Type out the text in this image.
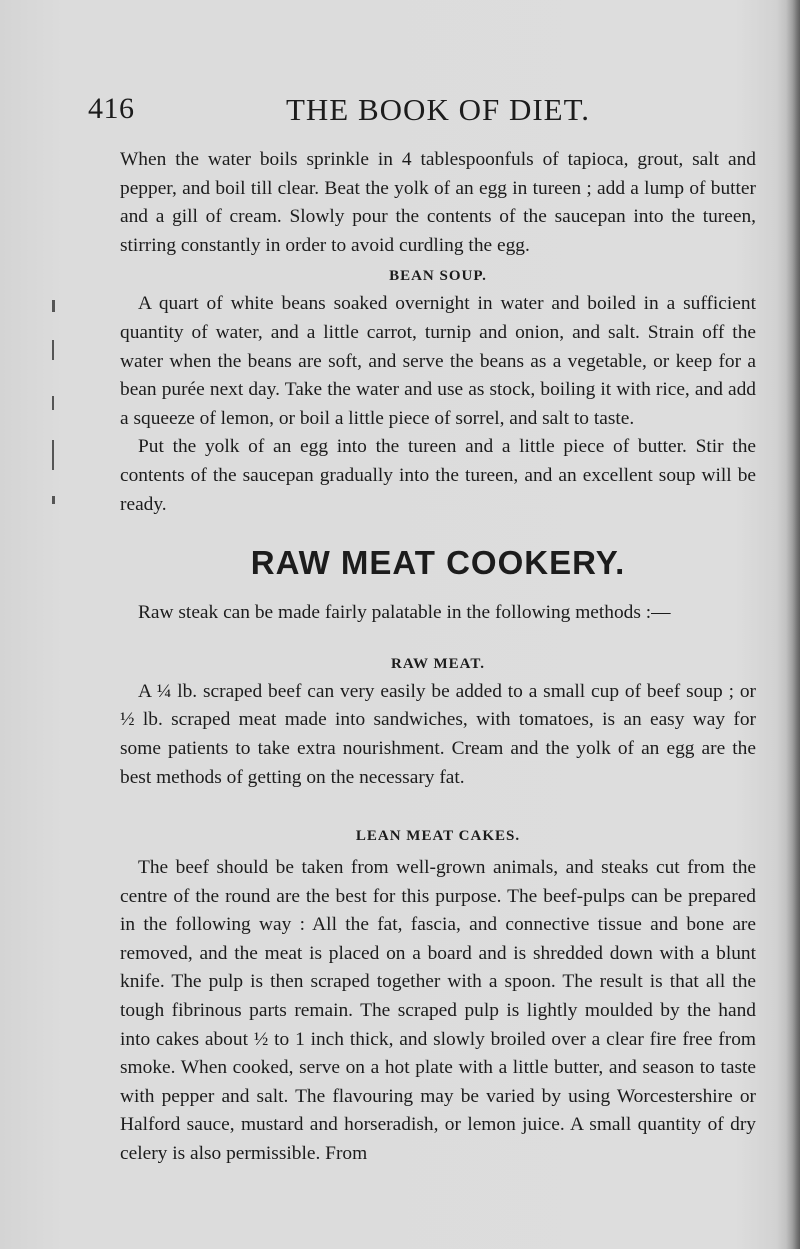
416	THE BOOK OF DIET.

When the water boils sprinkle in 4 tablespoonfuls of tapioca, grout, salt and pepper, and boil till clear. Beat the yolk of an egg in tureen ; add a lump of butter and a gill of cream. Slowly pour the contents of the saucepan into the tureen, stirring constantly in order to avoid curdling the egg.

BEAN SOUP.

A quart of white beans soaked overnight in water and boiled in a sufficient quantity of water, and a little carrot, turnip and onion, and salt. Strain off the water when the beans are soft, and serve the beans as a vegetable, or keep for a bean purée next day. Take the water and use as stock, boiling it with rice, and add a squeeze of lemon, or boil a little piece of sorrel, and salt to taste.

Put the yolk of an egg into the tureen and a little piece of butter. Stir the contents of the saucepan gradually into the tureen, and an excellent soup will be ready.

RAW MEAT COOKERY.

Raw steak can be made fairly palatable in the following methods :—

RAW MEAT.

A ¼ lb. scraped beef can very easily be added to a small cup of beef soup ; or ½ lb. scraped meat made into sandwiches, with tomatoes, is an easy way for some patients to take extra nourishment. Cream and the yolk of an egg are the best methods of getting on the necessary fat.

LEAN MEAT CAKES.

The beef should be taken from well-grown animals, and steaks cut from the centre of the round are the best for this purpose. The beef-pulps can be prepared in the following way : All the fat, fascia, and connective tissue and bone are removed, and the meat is placed on a board and is shredded down with a blunt knife. The pulp is then scraped together with a spoon. The result is that all the tough fibrinous parts remain. The scraped pulp is lightly moulded by the hand into cakes about ½ to 1 inch thick, and slowly broiled over a clear fire free from smoke. When cooked, serve on a hot plate with a little butter, and season to taste with pepper and salt. The flavouring may be varied by using Worcestershire or Halford sauce, mustard and horseradish, or lemon juice. A small quantity of dry celery is also permissible. From
